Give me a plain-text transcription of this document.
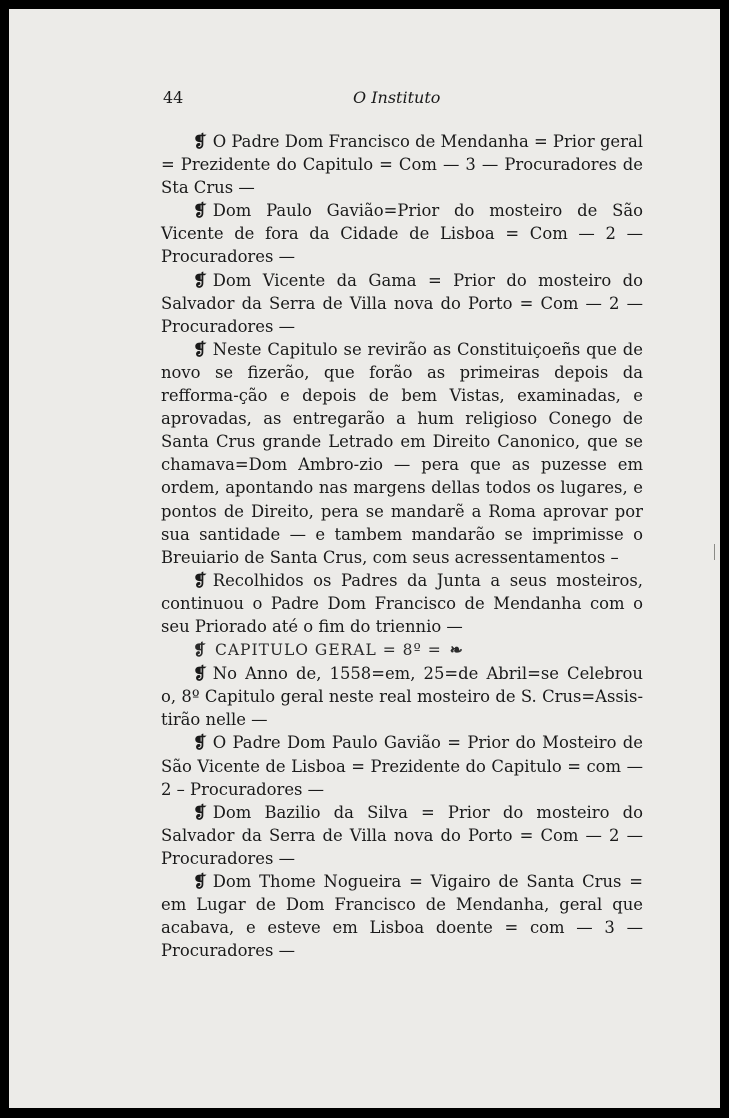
44	O Instituto

❡ O Padre Dom Francisco de Mendanha = Prior geral = Prezidente do Capitulo = Com — 3 — Procuradores de Sta Crus —

❡ Dom Paulo Gavião=Prior do mosteiro de São Vicente de fora da Cidade de Lisboa = Com — 2 — Procuradores —

❡ Dom Vicente da Gama = Prior do mosteiro do Salvador da Serra de Villa nova do Porto = Com — 2 — Procuradores —

❡ Neste Capitulo se revirão as Constituiçoeñs que de novo se fizerão, que forão as primeiras depois da refforma-ção e depois de bem Vistas, examinadas, e aprovadas, as entregarão a hum religioso Conego de Santa Crus grande Letrado em Direito Canonico, que se chamava=Dom Ambro-zio — pera que as puzesse em ordem, apontando nas margens dellas todos os lugares, e pontos de Direito, pera se mandarẽ a Roma aprovar por sua santidade — e tambem mandarão se imprimisse o Breuiario de Santa Crus, com seus acressentamentos –

❡ Recolhidos os Padres da Junta a seus mosteiros, continuou o Padre Dom Francisco de Mendanha com o seu Priorado até o fim do triennio —

❡ CAPITULO GERAL = 8º = ❧

❡ No Anno de, 1558=em, 25=de Abril=se Celebrou o, 8º Capitulo geral neste real mosteiro de S. Crus=Assis-tirão nelle —

❡ O Padre Dom Paulo Gavião = Prior do Mosteiro de São Vicente de Lisboa = Prezidente do Capitulo = com — 2 – Procuradores —

❡ Dom Bazilio da Silva = Prior do mosteiro do Salvador da Serra de Villa nova do Porto = Com — 2 — Procuradores —

❡ Dom Thome Nogueira = Vigairo de Santa Crus = em Lugar de Dom Francisco de Mendanha, geral que acabava, e esteve em Lisboa doente = com — 3 — Procuradores —
